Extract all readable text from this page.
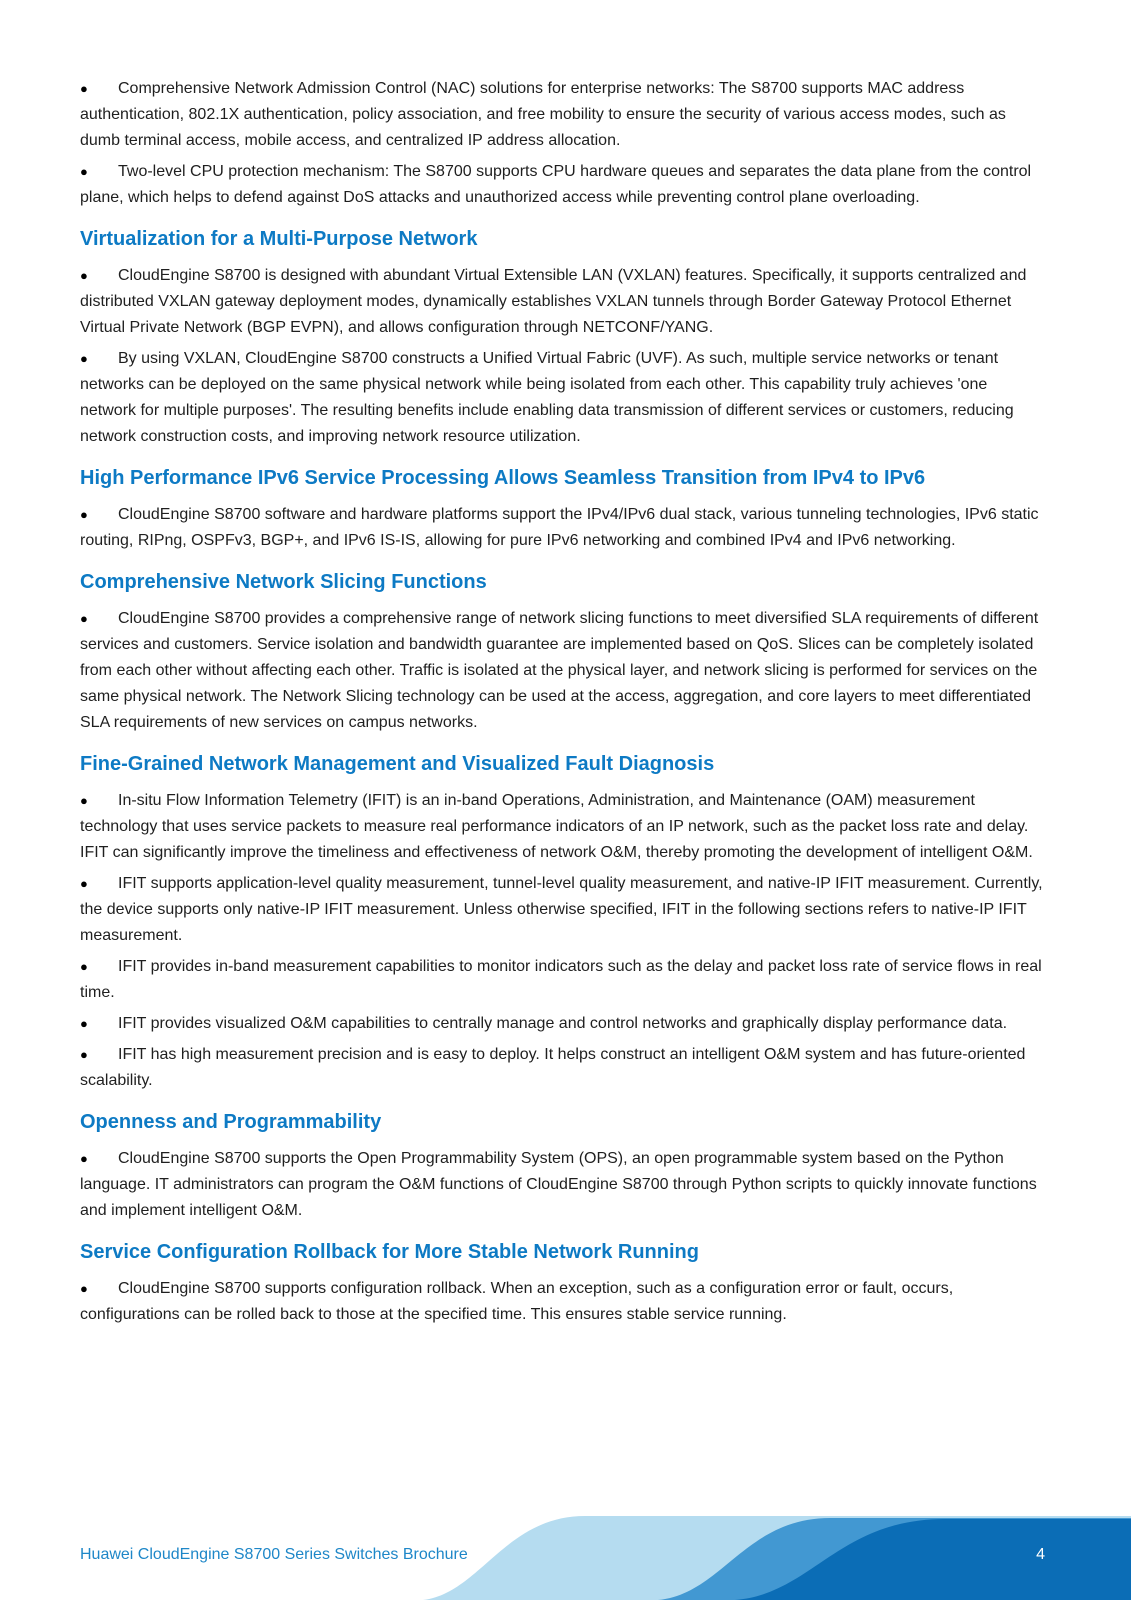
● Comprehensive Network Admission Control (NAC) solutions for enterprise networks: The S8700 supports MAC address authentication, 802.1X authentication, policy association, and free mobility to ensure the security of various access modes, such as dumb terminal access, mobile access, and centralized IP address allocation.

● Two-level CPU protection mechanism: The S8700 supports CPU hardware queues and separates the data plane from the control plane, which helps to defend against DoS attacks and unauthorized access while preventing control plane overloading.

Virtualization for a Multi-Purpose Network

● CloudEngine S8700 is designed with abundant Virtual Extensible LAN (VXLAN) features. Specifically, it supports centralized and distributed VXLAN gateway deployment modes, dynamically establishes VXLAN tunnels through Border Gateway Protocol Ethernet Virtual Private Network (BGP EVPN), and allows configuration through NETCONF/YANG.

● By using VXLAN, CloudEngine S8700 constructs a Unified Virtual Fabric (UVF). As such, multiple service networks or tenant networks can be deployed on the same physical network while being isolated from each other. This capability truly achieves 'one network for multiple purposes'. The resulting benefits include enabling data transmission of different services or customers, reducing network construction costs, and improving network resource utilization.

High Performance IPv6 Service Processing Allows Seamless Transition from IPv4 to IPv6

● CloudEngine S8700 software and hardware platforms support the IPv4/IPv6 dual stack, various tunneling technologies, IPv6 static routing, RIPng, OSPFv3, BGP+, and IPv6 IS-IS, allowing for pure IPv6 networking and combined IPv4 and IPv6 networking.

Comprehensive Network Slicing Functions

● CloudEngine S8700 provides a comprehensive range of network slicing functions to meet diversified SLA requirements of different services and customers. Service isolation and bandwidth guarantee are implemented based on QoS. Slices can be completely isolated from each other without affecting each other. Traffic is isolated at the physical layer, and network slicing is performed for services on the same physical network. The Network Slicing technology can be used at the access, aggregation, and core layers to meet differentiated SLA requirements of new services on campus networks.

Fine-Grained Network Management and Visualized Fault Diagnosis

● In-situ Flow Information Telemetry (IFIT) is an in-band Operations, Administration, and Maintenance (OAM) measurement technology that uses service packets to measure real performance indicators of an IP network, such as the packet loss rate and delay. IFIT can significantly improve the timeliness and effectiveness of network O&M, thereby promoting the development of intelligent O&M.

● IFIT supports application-level quality measurement, tunnel-level quality measurement, and native-IP IFIT measurement. Currently, the device supports only native-IP IFIT measurement. Unless otherwise specified, IFIT in the following sections refers to native-IP IFIT measurement.

● IFIT provides in-band measurement capabilities to monitor indicators such as the delay and packet loss rate of service flows in real time.

● IFIT provides visualized O&M capabilities to centrally manage and control networks and graphically display performance data.

● IFIT has high measurement precision and is easy to deploy. It helps construct an intelligent O&M system and has future-oriented scalability.

Openness and Programmability

● CloudEngine S8700 supports the Open Programmability System (OPS), an open programmable system based on the Python language. IT administrators can program the O&M functions of CloudEngine S8700 through Python scripts to quickly innovate functions and implement intelligent O&M.

Service Configuration Rollback for More Stable Network Running

● CloudEngine S8700 supports configuration rollback. When an exception, such as a configuration error or fault, occurs, configurations can be rolled back to those at the specified time. This ensures stable service running.

Huawei CloudEngine S8700 Series Switches Brochure	4
